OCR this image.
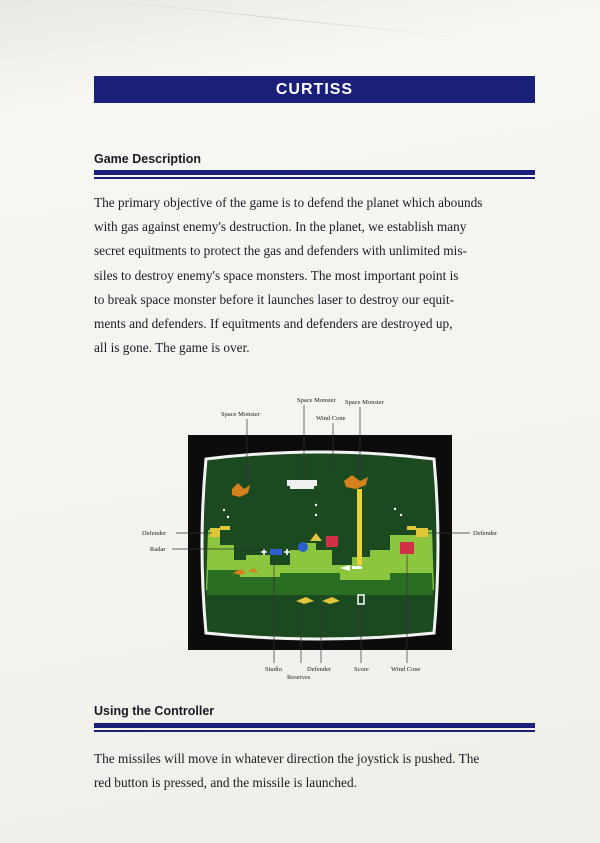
CURTISS
Game Description
The primary objective of the game is to defend the planet which abounds
with gas against enemy's destruction. In the planet, we establish many
secret equitments to protect the gas and defenders with unlimited mis-
siles to destroy enemy's space monsters. The most important point is
to break space monster before it launches laser to destroy our equit-
ments and defenders. If equitments and defenders are destroyed up,
all is gone. The game is over.
Space Monster Space Monster
Space Monster
Wind Cone
Defender
Radar
Defender
Studio	Defender
Reserves
Score	Wind Cone
Using the Controller
The missiles will move in whatever direction the joystick is pushed. The
red button is pressed, and the missile is launched.
